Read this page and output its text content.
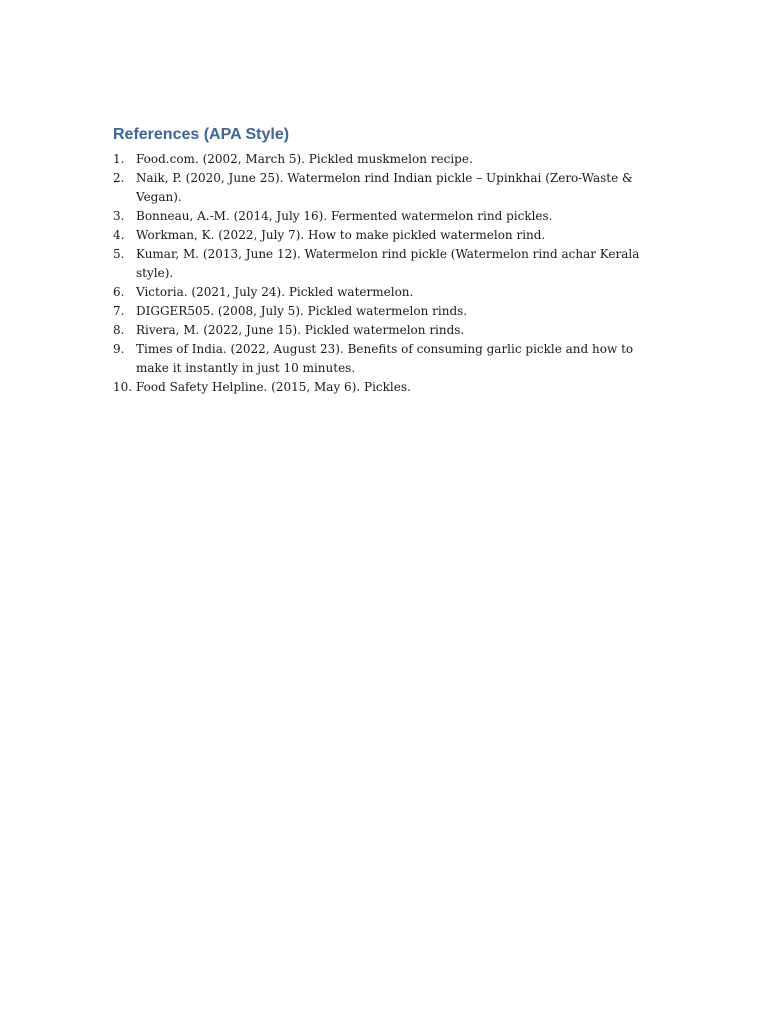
References (APA Style)
1. Food.com. (2002, March 5). Pickled muskmelon recipe.
2. Naik, P. (2020, June 25). Watermelon rind Indian pickle – Upinkhai (Zero-Waste & Vegan).
3. Bonneau, A.-M. (2014, July 16). Fermented watermelon rind pickles.
4. Workman, K. (2022, July 7). How to make pickled watermelon rind.
5. Kumar, M. (2013, June 12). Watermelon rind pickle (Watermelon rind achar Kerala style).
6. Victoria. (2021, July 24). Pickled watermelon.
7. DIGGER505. (2008, July 5). Pickled watermelon rinds.
8. Rivera, M. (2022, June 15). Pickled watermelon rinds.
9. Times of India. (2022, August 23). Benefits of consuming garlic pickle and how to make it instantly in just 10 minutes.
10. Food Safety Helpline. (2015, May 6). Pickles.
